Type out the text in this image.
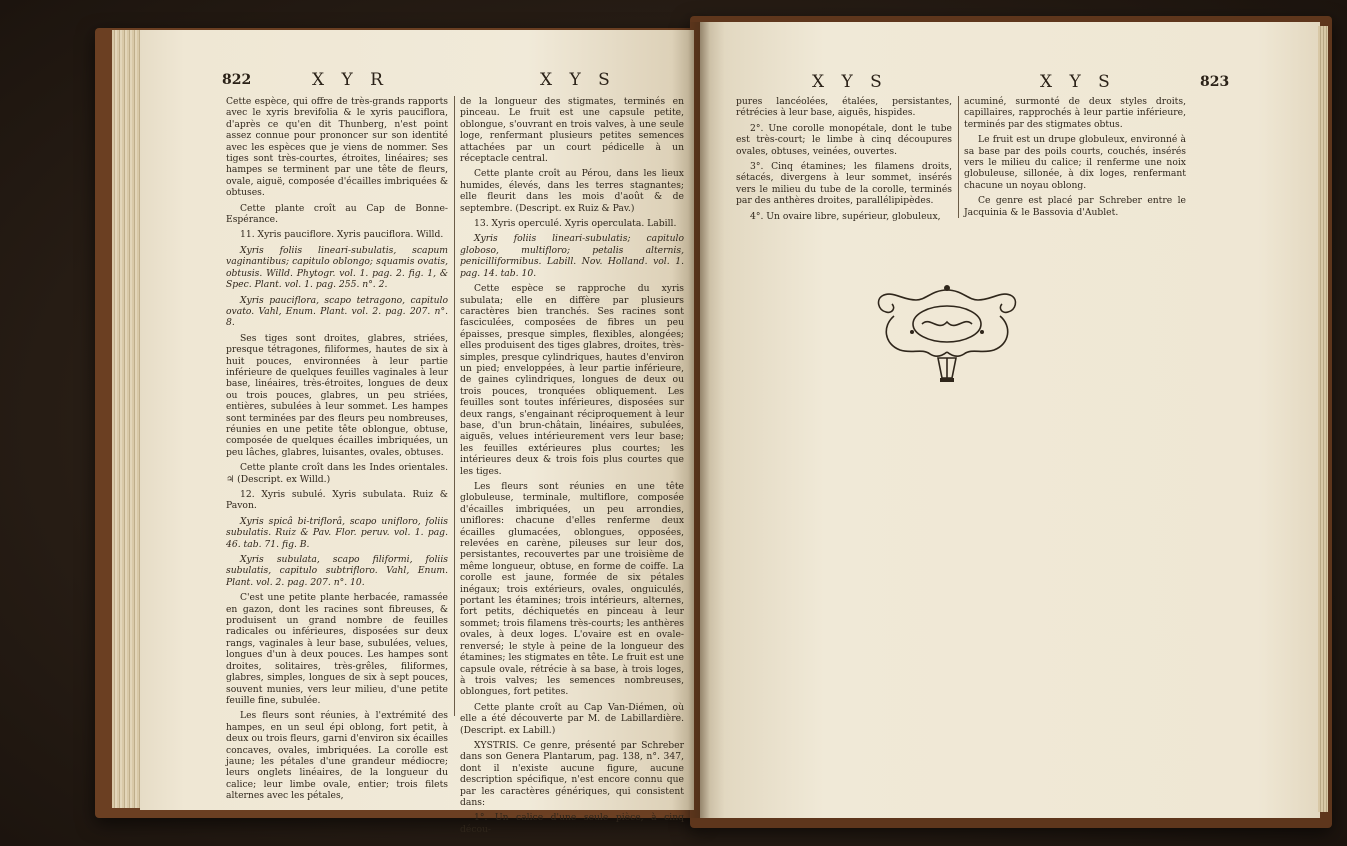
822	X Y R	X Y S

Cette espèce, qui offre de très-grands rapports avec le xyris brevifolia & le xyris pauciflora, d'après ce qu'en dit Thunberg, n'est point assez connue pour prononcer sur son identité avec les espèces que je viens de nommer. Ses tiges sont très-courtes, étroites, linéaires; ses hampes se terminent par une tête de fleurs, ovale, aiguë, composée d'écailles imbriquées & obtuses.

Cette plante croît au Cap de Bonne-Espérance.

11. Xyris pauciflore. Xyris pauciflora. Willd.

Xyris foliis lineari-subulatis, scapum vaginantibus; capitulo oblongo; squamis ovatis, obtusis. Willd. Phytogr. vol. 1. pag. 2. fig. 1, & Spec. Plant. vol. 1. pag. 255. n°. 2.

Xyris pauciflora, scapo tetragono, capitulo ovato. Vahl, Enum. Plant. vol. 2. pag. 207. n°. 8.

Ses tiges sont droites, glabres, striées, presque tétragones, filiformes, hautes de six à huit pouces, environnées à leur partie inférieure de quelques feuilles vaginales à leur base, linéaires, très-étroites, longues de deux ou trois pouces, glabres, un peu striées, entières, subulées à leur sommet. Les hampes sont terminées par des fleurs peu nombreuses, réunies en une petite tête oblongue, obtuse, composée de quelques écailles imbriquées, un peu lâches, glabres, luisantes, ovales, obtuses.

Cette plante croît dans les Indes orientales. ♃ (Descript. ex Willd.)

12. Xyris subulé. Xyris subulata. Ruiz & Pavon.

Xyris spicâ bi-triflorâ, scapo unifloro, foliis subulatis. Ruiz & Pav. Flor. peruv. vol. 1. pag. 46. tab. 71. fig. B.

Xyris subulata, scapo filiformi, foliis subulatis, capitulo subtrifloro. Vahl, Enum. Plant. vol. 2. pag. 207. n°. 10.

C'est une petite plante herbacée, ramassée en gazon, dont les racines sont fibreuses, & produisent un grand nombre de feuilles radicales ou inférieures, disposées sur deux rangs, vaginales à leur base, subulées, velues, longues d'un à deux pouces. Les hampes sont droites, solitaires, très-grêles, filiformes, glabres, simples, longues de six à sept pouces, souvent munies, vers leur milieu, d'une petite feuille fine, subulée.

Les fleurs sont réunies, à l'extrémité des hampes, en un seul épi oblong, fort petit, à deux ou trois fleurs, garni d'environ six écailles concaves, ovales, imbriquées. La corolle est jaune; les pétales d'une grandeur médiocre; leurs onglets linéaires, de la longueur du calice; leur limbe ovale, entier; trois filets alternes avec les pétales,

de la longueur des stigmates, terminés en pinceau. Le fruit est une capsule petite, oblongue, s'ouvrant en trois valves, à une seule loge, renfermant plusieurs petites semences attachées par un court pédicelle à un réceptacle central.

Cette plante croît au Pérou, dans les lieux humides, élevés, dans les terres stagnantes; elle fleurit dans les mois d'août & de septembre. (Descript. ex Ruiz & Pav.)

13. Xyris operculé. Xyris operculata. Labill.

Xyris foliis lineari-subulatis; capitulo globoso, multifloro; petalis alternis, penicilliformibus. Labill. Nov. Holland. vol. 1. pag. 14. tab. 10.

Cette espèce se rapproche du xyris subulata; elle en diffère par plusieurs caractères bien tranchés. Ses racines sont fasciculées, composées de fibres un peu épaisses, presque simples, flexibles, alongées; elles produisent des tiges glabres, droites, très-simples, presque cylindriques, hautes d'environ un pied; enveloppées, à leur partie inférieure, de gaines cylindriques, longues de deux ou trois pouces, tronquées obliquement. Les feuilles sont toutes inférieures, disposées sur deux rangs, s'engainant réciproquement à leur base, d'un brun-châtain, linéaires, subulées, aiguës, velues intérieurement vers leur base; les feuilles extérieures plus courtes; les intérieures deux & trois fois plus courtes que les tiges.

Les fleurs sont réunies en une tête globuleuse, terminale, multiflore, composée d'écailles imbriquées, un peu arrondies, uniflores: chacune d'elles renferme deux écailles glumacées, oblongues, opposées, relevées en carène, pileuses sur leur dos, persistantes, recouvertes par une troisième de même longueur, obtuse, en forme de coiffe. La corolle est jaune, formée de six pétales inégaux; trois extérieurs, ovales, onguiculés, portant les étamines; trois intérieurs, alternes, fort petits, déchiquetés en pinceau à leur sommet; trois filamens très-courts; les anthères ovales, à deux loges. L'ovaire est en ovale-renversé; le style à peine de la longueur des étamines; les stigmates en tête. Le fruit est une capsule ovale, rétrécie à sa base, à trois loges, à trois valves; les semences nombreuses, oblongues, fort petites.

Cette plante croît au Cap Van-Diémen, où elle a été découverte par M. de Labillardière. (Descript. ex Labill.)

XYSTRIS. Ce genre, présenté par Schreber dans son Genera Plantarum, pag. 138, n°. 347, dont il n'existe aucune figure, aucune description spécifique, n'est encore connu que par les caractères génériques, qui consistent dans:

1°. Un calice d'une seule pièce, à cinq décou-

X Y S	X Y S	823

pures lancéolées, étalées, persistantes, rétrécies à leur base, aiguës, hispides.

2°. Une corolle monopétale, dont le tube est très-court; le limbe à cinq découpures ovales, obtuses, veinées, ouvertes.

3°. Cinq étamines; les filamens droits, sétacés, divergens à leur sommet, insérés vers le milieu du tube de la corolle, terminés par des anthères droites, parallélipipèdes.

4°. Un ovaire libre, supérieur, globuleux,

acuminé, surmonté de deux styles droits, capillaires, rapprochés à leur partie inférieure, terminés par des stigmates obtus.

Le fruit est un drupe globuleux, environné à sa base par des poils courts, couchés, insérés vers le milieu du calice; il renferme une noix globuleuse, sillonée, à dix loges, renfermant chacune un noyau oblong.

Ce genre est placé par Schreber entre le Jacquinia & le Bassovia d'Aublet.
